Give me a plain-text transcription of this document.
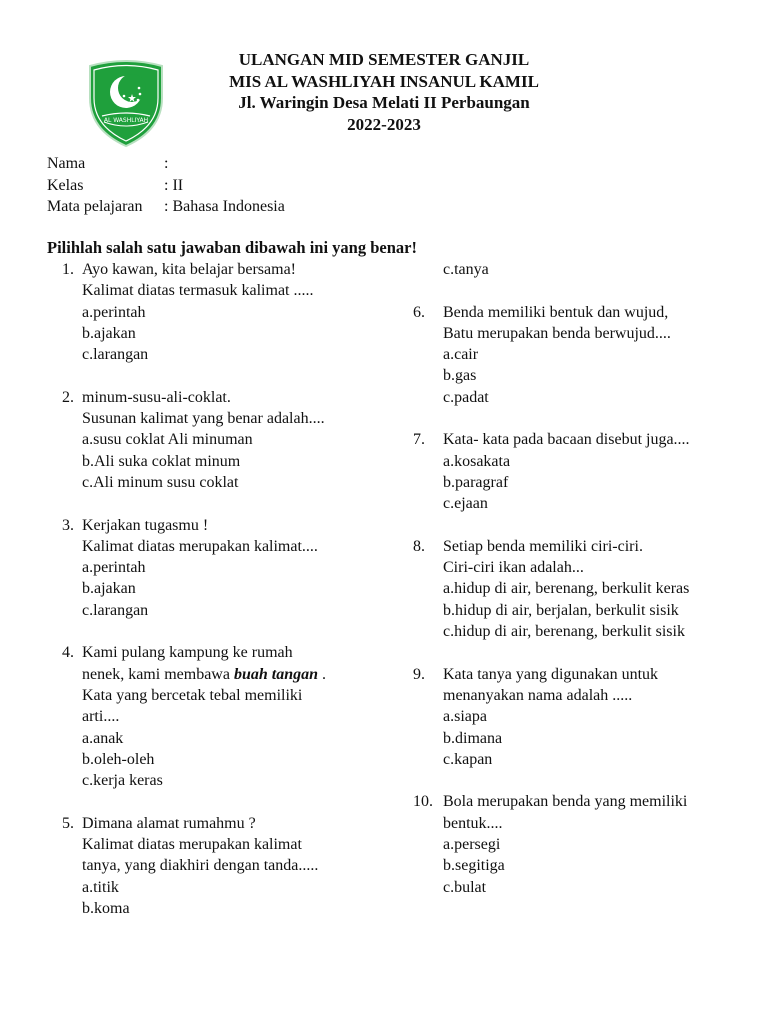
AL WASHLIYAH
ULANGAN MID SEMESTER GANJIL
MIS AL WASHLIYAH INSANUL KAMIL
Jl. Waringin Desa Melati II Perbaungan
2022-2023
Nama	:
Kelas	: II
Mata pelajaran	: Bahasa Indonesia
Pilihlah salah satu jawaban dibawah ini yang benar!
1. Ayo kawan, kita belajar bersama!
Kalimat diatas termasuk kalimat .....
a.perintah
b.ajakan
c.larangan
2. minum-susu-ali-coklat.
Susunan kalimat yang benar adalah....
a.susu coklat Ali minuman
b.Ali suka coklat minum
c.Ali minum susu coklat
3. Kerjakan tugasmu !
Kalimat diatas merupakan kalimat....
a.perintah
b.ajakan
c.larangan
4. Kami pulang kampung ke rumah
nenek, kami membawa buah tangan .
Kata yang bercetak tebal memiliki
arti....
a.anak
b.oleh-oleh
c.kerja keras
5. Dimana alamat rumahmu ?
Kalimat diatas merupakan kalimat
tanya, yang diakhiri dengan tanda.....
a.titik
b.koma
c.tanya
6.	Benda memiliki bentuk dan wujud,
Batu merupakan benda berwujud....
a.cair
b.gas
c.padat
7.	Kata- kata pada bacaan disebut juga....
a.kosakata
b.paragraf
c.ejaan
8.	Setiap benda memiliki ciri-ciri.
Ciri-ciri ikan adalah...
a.hidup di air, berenang, berkulit keras
b.hidup di air, berjalan, berkulit sisik
c.hidup di air, berenang, berkulit sisik
9.	Kata tanya yang digunakan untuk
menanyakan nama adalah .....
a.siapa
b.dimana
c.kapan
10. Bola merupakan benda yang memiliki
bentuk....
a.persegi
b.segitiga
c.bulat
